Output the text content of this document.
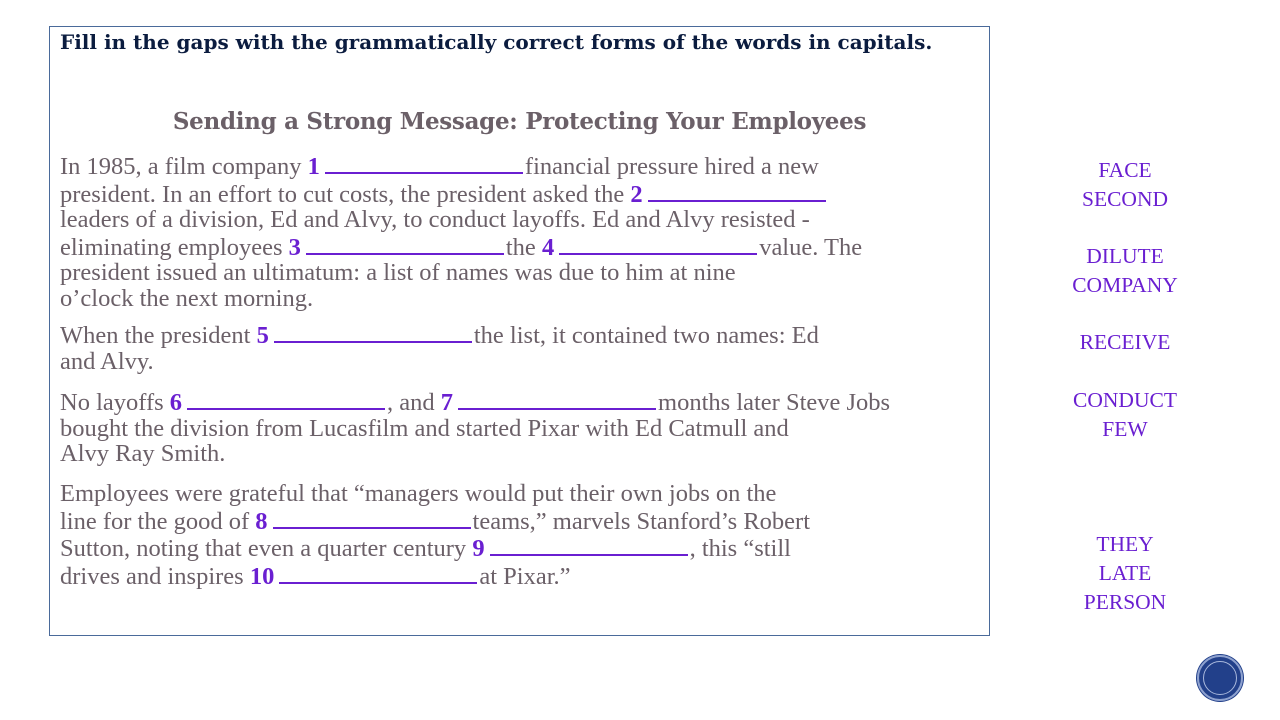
Fill in the gaps with the grammatically correct forms of the words in capitals.
Sending a Strong Message: Protecting Your Employees
In 1985, a film company 1	financial pressure hired a new
president. In an effort to cut costs, the president asked the 2
leaders of a division, Ed and Alvy, to conduct layoffs. Ed and Alvy resisted -
eliminating employees 3	the 4	value. The
president issued an ultimatum: a list of names was due to him at nine
o’clock the next morning.
When the president 5	the list, it contained two names: Ed
and Alvy.
No layoffs 6	, and 7	months later Steve Jobs
bought the division from Lucasfilm and started Pixar with Ed Catmull and
Alvy Ray Smith.
Employees were grateful that “managers would put their own jobs on the
line for the good of 8	teams,” marvels Stanford’s Robert
Sutton, noting that even a quarter century 9	, this “still
drives and inspires 10	at Pixar.”
FACE
SECOND
DILUTE
COMPANY
RECEIVE
CONDUCT
FEW
THEY
LATE
PERSON
